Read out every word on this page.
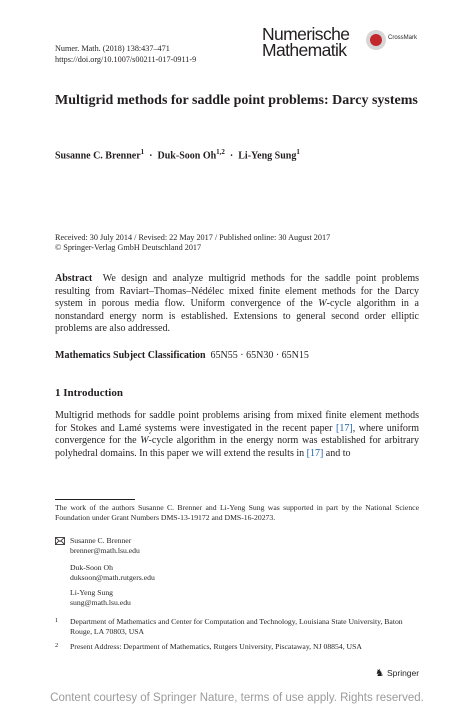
Numer. Math. (2018) 138:437–471
https://doi.org/10.1007/s00211-017-0911-9
Numerische
Mathematik
CrossMark
Multigrid methods for saddle point problems: Darcy systems
Susanne C. Brenner$^1$ · Duk-Soon Oh$^{1,2}$ · Li-Yeng Sung$^1$
Received: 30 July 2014 / Revised: 22 May 2017 / Published online: 30 August 2017
© Springer-Verlag GmbH Deutschland 2017
Abstract We design and analyze multigrid methods for the saddle point problems resulting from Raviart–Thomas–Nédélec mixed finite element methods for the Darcy system in porous media flow. Uniform convergence of the W-cycle algorithm in a nonstandard energy norm is established. Extensions to general second order elliptic problems are also addressed.
Mathematics Subject Classification 65N55 · 65N30 · 65N15
1 Introduction
Multigrid methods for saddle point problems arising from mixed finite element methods for Stokes and Lamé systems were investigated in the recent paper [17], where uniform convergence for the W-cycle algorithm in the energy norm was established for arbitrary polyhedral domains. In this paper we will extend the results in [17] and to
The work of the authors Susanne C. Brenner and Li-Yeng Sung was supported in part by the National Science Foundation under Grant Numbers DMS-13-19172 and DMS-16-20273.
Susanne C. Brenner
brenner@math.lsu.edu
Duk-Soon Oh
duksoon@math.rutgers.edu
Li-Yeng Sung
sung@math.lsu.edu
1 Department of Mathematics and Center for Computation and Technology, Louisiana State University, Baton Rouge, LA 70803, USA
2 Present Address: Department of Mathematics, Rutgers University, Piscataway, NJ 08854, USA
♞ Springer
Content courtesy of Springer Nature, terms of use apply. Rights reserved.
